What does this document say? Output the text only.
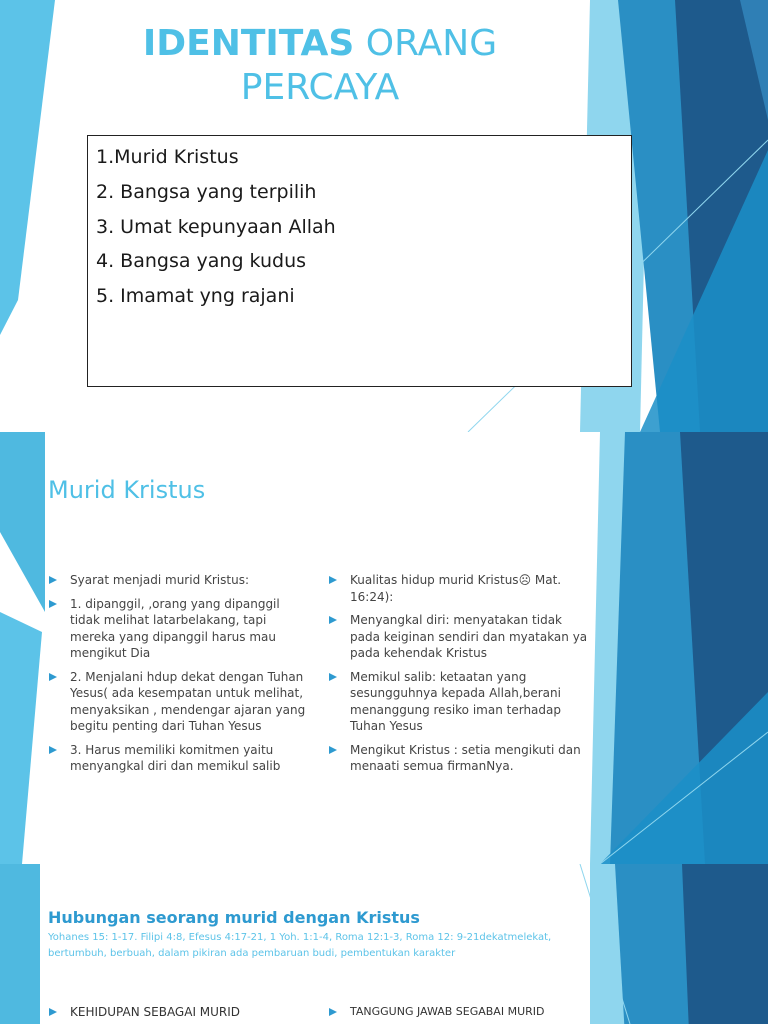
IDENTITAS ORANG PERCAYA
1.Murid Kristus
2. Bangsa yang terpilih
3. Umat kepunyaan Allah
4. Bangsa yang kudus
5. Imamat yng rajani
Murid Kristus
Syarat menjadi murid Kristus:
1. dipanggil, ,orang yang dipanggil tidak melihat latarbelakang, tapi mereka yang dipanggil harus mau mengikut Dia
2. Menjalani hdup dekat dengan Tuhan Yesus( ada kesempatan untuk melihat, menyaksikan , mendengar ajaran yang begitu penting dari Tuhan Yesus
3. Harus memiliki komitmen yaitu menyangkal diri dan memikul salib
Kualitas hidup murid Kristus☹ Mat. 16:24):
Menyangkal diri: menyatakan tidak pada keiginan sendiri dan myatakan ya pada kehendak Kristus
Memikul salib: ketaatan yang sesungguhnya kepada Allah,berani menanggung resiko iman terhadap Tuhan Yesus
Mengikut Kristus : setia mengikuti dan menaati semua firmanNya.
Hubungan seorang murid dengan Kristus
Yohanes 15: 1-17. Filipi 4:8, Efesus 4:17-21, 1 Yoh. 1:1-4, Roma 12:1-3, Roma 12: 9-21dekatmelekat, bertumbuh, berbuah, dalam pikiran ada pembaruan budi, pembentukan karakter
KEHIDUPAN SEBAGAI MURID	TANGGUNG JAWAB SEGABAI MURID
